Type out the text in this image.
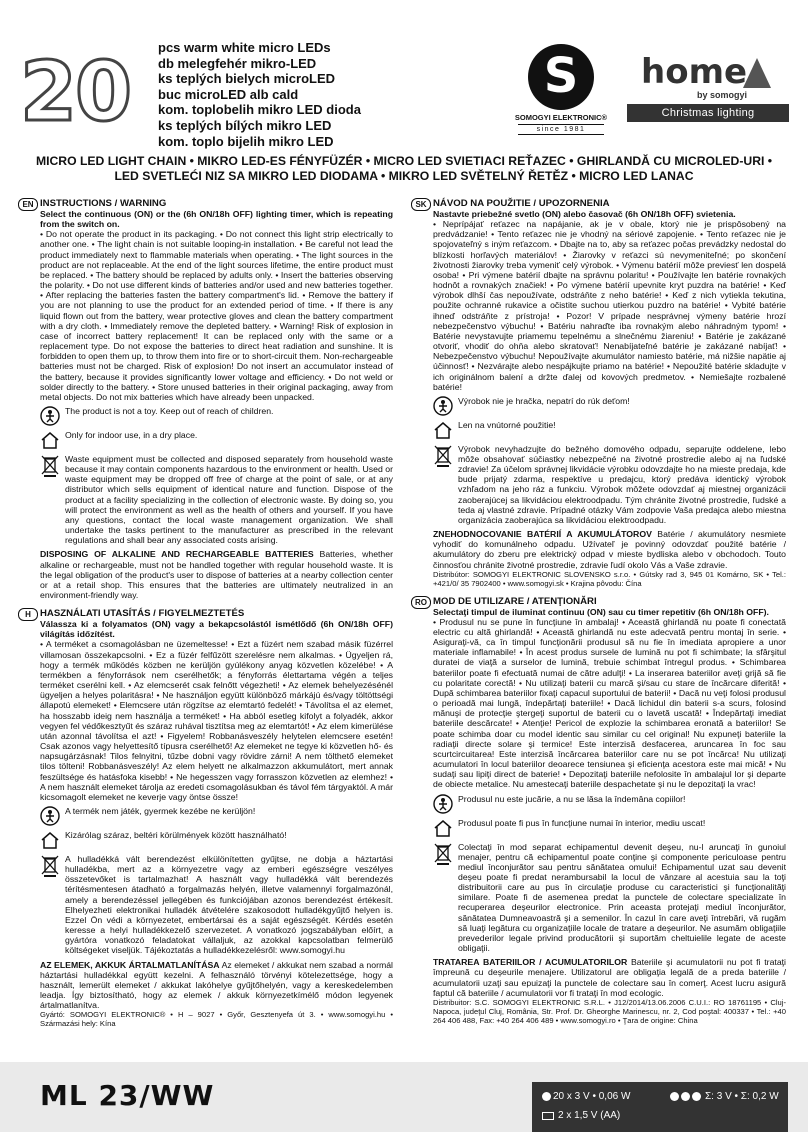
20 pcs warm white micro LEDs
db melegfehér mikro-LED
ks teplých bielych microLED
buc microLED alb cald
kom. toplobelih mikro LED dioda
ks teplých bílých mikro LED
kom. toplo bijelih mikro LED
S
SOMOGYI ELEKTRONIC®
since 1981
home
by somogyi
Christmas lighting
MICRO LED LIGHT CHAIN • MIKRO LED-ES FÉNYFÜZÉR • MICRO LED SVIETIACI REŤAZEC • GHIRLANDĂ CU MICROLED-URI •
LED SVETLEĆI NIZ SA MIKRO LED DIODAMA • MIKRO LED SVĚTELNÝ ŘETĚZ • MICRO LED LANAC
EN INSTRUCTIONS / WARNING

Select the continuous (ON) or the (6h ON/18h OFF) lighting timer, which is repeating from the switch on.

• Do not operate the product in its packaging. • Do not connect this light strip electrically to another one. • The light chain is not suitable looping-in installation. • Be careful not lead the product immediately next to flammable materials when operating. • The light sources in the product are not replaceable. At the end of the light sources lifetime, the entire product must be replaced. • The battery should be replaced by adults only. • Insert the batteries observing the polarity. • Do not use different kinds of batteries and/or used and new batteries together. • After replacing the batteries fasten the battery compartment's lid. • Remove the battery if you are not planning to use the product for an extended period of time. • If there is any liquid flown out from the battery, wear protective gloves and clean the battery compartment with a dry cloth. • Immediately remove the depleted battery. • Warning! Risk of explosion in case of incorrect battery replacement! It can be replaced only with the same or a replacement type. Do not expose the batteries to direct heat radiation and sunshine. It is forbidden to open them up, to throw them into fire or to short-circuit them. Non-rechargeable batteries must not be charged. Risk of explosion! Do not insert an accumulator instead of the battery, because it provides significantly lower voltage and efficiency. • Do not weld or solder directly to the battery. • Store unused batteries in their original packaging, away from metal objects. Do not mix batteries which have already been unpacked.

The product is not a toy. Keep out of reach of children.

Only for indoor use, in a dry place.

Waste equipment must be collected and disposed separately from household waste because it may contain components hazardous to the environment or health. Used or waste equipment may be dropped off free of charge at the point of sale, or at any distributor which sells equipment of identical nature and function. Dispose of the product at a facility specializing in the collection of electronic waste. By doing so, you will protect the environment as well as the health of others and yourself. If you have any questions, contact the local waste management organization. We shall undertake the tasks pertinent to the manufacturer as prescribed in the relevant regulations and shall bear any associated costs arising.

DISPOSING OF ALKALINE AND RECHARGEABLE BATTERIES Batteries, whether alkaline or rechargeable, must not be handled together with regular household waste. It is the legal obligation of the product's user to dispose of batteries at a nearby collection center or at a retail shop. This ensures that the batteries are ultimately neutralized in an environment-friendly way.

H HASZNÁLATI UTASÍTÁS / FIGYELMEZTETÉS

Válassza ki a folyamatos (ON) vagy a bekapcsolástól ismétlődő (6h ON/18h OFF) világítás időzítést.

• A terméket a csomagolásban ne üzemeltesse! • Ezt a füzért nem szabad másik füzérrel villamosan összekapcsolni. • Ez a füzér felfűzött szerelésre nem alkalmas. • Ügyeljen rá, hogy a termék működés közben ne kerüljön gyúlékony anyag közvetlen közelébe! • A termékben a fényforrások nem cserélhetők; a fényforrás élettartama végén a teljes terméket cserélni kell. • Az elemcserét csak felnőtt végezheti! • Az elemek behelyezésénél ügyeljen a helyes polaritásra! • Ne használjon együtt különböző márkájú és/vagy töltöttségi állapotú elemeket! • Elemcsere után rögzítse az elemtartó fedelét! • Távolítsa el az elemet, ha hosszabb ideig nem használja a terméket! • Ha abból esetleg kifolyt a folyadék, akkor vegyen fel védőkesztyűt és száraz ruhával tisztítsa meg az elemtartót! • Az elem kimerülése után azonnal távolítsa el azt! • Figyelem! Robbanásveszély helytelen elemcsere esetén! Csak azonos vagy helyettesítő típusra cserélhető! Az elemeket ne tegye ki közvetlen hő- és napsugárzásnak! Tilos felnyitni, tűzbe dobni vagy rövidre zárni! A nem tölthető elemeket tilos tölteni! Robbanásveszély! Az elem helyett ne alkalmazzon akkumulátort, mert annak feszültsége és hatásfoka kisebb! • Ne hegesszen vagy forrasszon közvetlen az elemhez! • A nem használt elemeket tárolja az eredeti csomagolásukban és távol fém tárgyaktól. A már kicsomagolt elemeket ne keverje vagy öntse össze!

A termék nem játék, gyermek kezébe ne kerüljön!

Kizárólag száraz, beltéri körülmények között használható!

A hulladékká vált berendezést elkülönítetten gyűjtse, ne dobja a háztartási hulladékba, mert az a környezetre vagy az emberi egészségre veszélyes összetevőket is tartalmazhat! A használt vagy hulladékká vált berendezés térítésmentesen átadható a forgalmazás helyén, illetve valamennyi forgalmazónál, amely a berendezéssel jellegében és funkciójában azonos berendezést értékesít. Elhelyezheti elektronikai hulladék átvételére szakosodott hulladékgyűjtő helyen is. Ezzel Ön védi a környezetet, embertársai és a saját egészségét. Kérdés esetén keresse a helyi hulladékkezelő szervezetet. A vonatkozó jogszabályban előírt, a gyártóra vonatkozó feladatokat vállaljuk, az azokkal kapcsolatban felmerülő költségeket viseljük. Tájékoztatás a hulladékkezelésről: www.somogyi.hu

AZ ELEMEK, AKKUK ÁRTALMATLANÍTÁSA Az elemeket / akkukat nem szabad a normál háztartási hulladékkal együtt kezelni. A felhasználó törvényi kötelezettsége, hogy a használt, lemerült elemeket / akkukat lakóhelye gyűjtőhelyén, vagy a kereskedelemben leadja. Így biztosítható, hogy az elemek / akkuk környezetkímélő módon legyenek ártalmatlanítva.

Gyártó: SOMOGYI ELEKTRONIC® • H – 9027 • Győr, Gesztenyefa út 3. • www.somogyi.hu • Származási hely: Kína

SK NÁVOD NA POUŽITIE / UPOZORNENIA

Nastavte priebežné svetlo (ON) alebo časovač (6h ON/18h OFF) svietenia.

• Neprípájať reťazec na napájanie, ak je v obale, ktorý nie je prispôsobený na predvádzanie! • Tento reťazec nie je vhodný na sériové zapojenie. • Tento reťazec nie je spojovateľný s iným reťazcom. • Dbajte na to, aby sa reťazec počas prevádzky nedostal do blízkosti horľavých materiálov! • Žiarovky v reťazci sú nevymeniteľné; po skončení životnosti žiarovky treba vymeniť celý výrobok. • Výmenu batérií môže previesť len dospelá osoba! • Pri výmene batérií dbajte na správnu polaritu! • Používajte len batérie rovnakých hodnôt a rovnakých značiek! • Po výmene batérií upevnite kryt puzdra na batérie! • Keď výrobok dlhší čas nepoužívate, odstráňte z neho batérie! • Keď z nich vytiekla tekutina, použite ochranné rukavice a očistite suchou utierkou puzdro na batérie! • Vybité batérie ihneď odstráňte z prístroja! • Pozor! V prípade nesprávnej výmeny batérie hrozí nebezpečenstvo výbuchu! • Batériu nahraďte iba rovnakým alebo náhradným typom! • Batérie nevystavujte priamemu tepelnému a slnečnému žiareniu! • Batérie je zakázané otvoriť, vhodiť do ohňa alebo skratovať! Nenabíjateľné batérie je zakázané nabíjať! • Nebezpečenstvo výbuchu! Nepoužívajte akumulátor namiesto batérie, má nižšie napätie aj účinnosť! • Nezvárajte alebo nespájkujte priamo na batérie! • Nepoužité batérie skladujte v ich originálnom balení a držte ďalej od kovových predmetov. • Nemiešajte rozbalené batérie!

Výrobok nie je hračka, nepatrí do rúk deťom!

Len na vnútorné použitie!

Výrobok nevyhadzujte do bežného domového odpadu, separujte oddelene, lebo môže obsahovať súčiastky nebezpečné na životné prostredie alebo aj na ľudské zdravie! Za účelom správnej likvidácie výrobku odovzdajte ho na mieste predaja, kde bude prijatý zdarma, respektíve u predajcu, ktorý predáva identický výrobok vzhľadom na jeho ráz a funkciu. Výrobok môžete odovzdať aj miestnej organizácii zaoberajúcej sa likvidáciou elektroodpadu. Tým chránite životné prostredie, ľudské a teda aj vlastné zdravie. Prípadné otázky Vám zodpovie Vaša predajca alebo miestna organizácia zaoberajúca sa likvidáciou elektroodpadu.

ZNEHODNOCOVANIE BATÉRIÍ A AKUMULÁTOROV Batérie / akumulátory nesmiete vyhodiť do komunálneho odpadu. Užívateľ je povinný odovzdať použité batérie / akumulátory do zberu pre elektrický odpad v mieste bydliska alebo v obchodoch. Touto činnosťou chránite životné prostredie, zdravie ľudí okolo Vás a Vaše zdravie.

Distribútor: SOMOGYI ELEKTRONIC SLOVENSKO s.r.o. • Gútsky rad 3, 945 01 Komárno, SK • Tel.: +421/0/ 35 7902400 • www.somogyi.sk • Krajina pôvodu: Čína

RO MOD DE UTILIZARE / ATENŢIONĂRI

Selectaţi timpul de iluminat continuu (ON) sau cu timer repetitiv (6h ON/18h OFF).

• Produsul nu se pune în funcţiune în ambalaj! • Această ghirlandă nu poate fi conectată electric cu altă ghirlandă! • Această ghirlandă nu este adecvată pentru montaj în serie. • Asiguraţi-vă, ca în timpul funcţionării produsul să nu fie în imediata apropiere a unor materiale inflamabile! • În acest produs sursele de lumină nu pot fi schimbate; la sfârşitul duratei de viaţă a surselor de lumină, trebuie schimbat întregul produs. • Schimbarea bateriilor poate fi efectuată numai de către adulţi! • La inserarea bateriilor aveţi grijă să fie cu polaritate corectă! • Nu utilizaţi baterii cu marcă şi/sau cu stare de încărcare diferită! • După schimbarea bateriilor fixaţi capacul suportului de baterii! • Dacă nu veţi folosi produsul o perioadă mai lungă, îndepărtaţi bateriile! • Dacă lichidul din baterii s-a scurs, folosind mănuşi de protecţie ştergeţi suportul de baterii cu o lavetă uscată! • Îndepărtaţi imediat bateriile descărcate! • Atenţie! Pericol de explozie la schimbarea eronată a bateriilor! Se poate schimba doar cu model identic sau similar cu cel original! Nu expuneţi bateriile la radiaţii directe solare şi termice! Este interzisă desfacerea, aruncarea în foc sau scurtcircuitarea! Este interzisă încărcarea bateriilor care nu se pot încărca! Nu utilizaţi acumulatori în locul bateriilor deoarece tensiunea şi eficienţa acestora este mai mică! • Nu sudaţi sau lipiţi direct de baterie! • Depozitaţi bateriile nefolosite în ambalajul lor şi departe de obiecte metalice. Nu amestecaţi bateriile despachetate şi nu le depozitaţi la vrac!

Produsul nu este jucărie, a nu se lăsa la îndemâna copiilor!

Produsul poate fi pus în funcţiune numai în interior, mediu uscat!

Colectaţi în mod separat echipamentul devenit deşeu, nu-l aruncaţi în gunoiul menajer, pentru că echipamentul poate conţine şi componente periculoase pentru mediul înconjurător sau pentru sănătatea omului! Echipamentul uzat sau devenit deşeu poate fi predat nerambursabil la locul de vânzare al acestuia sau la toţi distribuitorii care au pus în circulaţie produse cu caracteristici şi funcţionalităţi similare. Poate fi de asemenea predat la punctele de colectare specializate în recuperarea deşeurilor electronice. Prin aceasta protejaţi mediul înconjurător, sănătatea Dumneavoastră şi a semenilor. În cazul în care aveţi întrebări, vă rugăm să luaţi legătura cu organizaţiile locale de tratare a deşeurilor. Ne asumăm obligaţiile prevederilor legale privind producătorii şi suportăm cheltuielile legate de aceste obligaţii.

TRATAREA BATERIILOR / ACUMULATORILOR Bateriile şi acumulatorii nu pot fi trataţi împreună cu deşeurile menajere. Utilizatorul are obligaţia legală de a preda bateriile / acumulatorii uzaţi sau epuizaţi la punctele de colectare sau în comerţ. Acest lucru asigură faptul că bateriile / acumulatorii vor fi trataţi în mod ecologic.

Distribuitor: S.C. SOMOGYI ELEKTRONIC S.R.L. • J12/2014/13.06.2006 C.U.I.: RO 18761195 • Cluj-Napoca, judeţul Cluj, România, Str. Prof. Dr. Gheorghe Marinescu, nr. 2, Cod poştal: 400337 • Tel.: +40 264 406 488, Fax: +40 264 406 489 • www.somogyi.ro • Ţara de origine: China

ML 23/WW	20 x 3 V • 0,06 W
2 x 1,5 V (AA)
Σ: 3 V • Σ: 0,2 W
